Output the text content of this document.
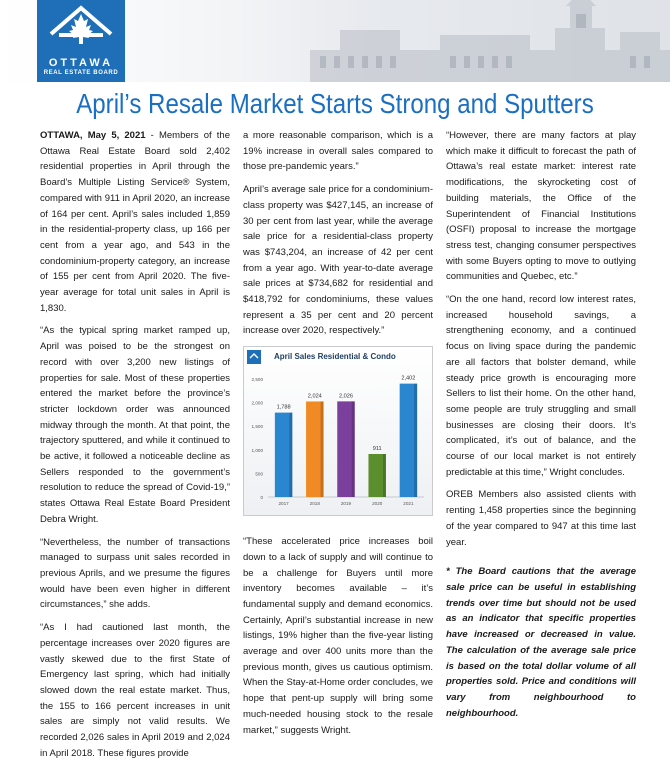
OTTAWA
REAL ESTATE BOARD
April’s Resale Market Starts Strong and Sputters

OTTAWA, May 5, 2021 - Members of the Ottawa Real Estate Board sold 2,402 residential properties in April through the Board’s Multiple Listing Service® System, compared with 911 in April 2020, an increase of 164 per cent. April’s sales included 1,859 in the residential-property class, up 166 per cent from a year ago, and 543 in the condominium-property category, an increase of 155 per cent from April 2020. The five-year average for total unit sales in April is 1,830.

“As the typical spring market ramped up, April was poised to be the strongest on record with over 3,200 new listings of properties for sale. Most of these properties entered the market before the province’s stricter lockdown order was announced midway through the month. At that point, the trajectory sputtered, and while it continued to be active, it followed a noticeable decline as Sellers responded to the government’s resolution to reduce the spread of Covid-19,” states Ottawa Real Estate Board President Debra Wright.

“Nevertheless, the number of transactions managed to surpass unit sales recorded in previous Aprils, and we presume the figures would have been even higher in different circumstances,” she adds.

“As I had cautioned last month, the percentage increases over 2020 figures are vastly skewed due to the first State of Emergency last spring, which had initially slowed down the real estate market. Thus, the 155 to 166 percent increases in unit sales are simply not valid results. We recorded 2,026 sales in April 2019 and 2,024 in April 2018. These figures provide

a more reasonable comparison, which is a 19% increase in overall sales compared to those pre-pandemic years.”

April’s average sale price for a condominium-class property was $427,145, an increase of 30 per cent from last year, while the average sale price for a residential-class property was $743,204, an increase of 42 per cent from a year ago. With year-to-date average sale prices at $734,682 for residential and $418,792 for condominiums, these values represent a 35 per cent and 20 percent increase over 2020, respectively.”

April Sales Residential & Condo
0
500
1,000
1,500
2,000
2,500
1,788
2017
2,024
2018
2,026
2019
911
2020
2,402
2021

“These accelerated price increases boil down to a lack of supply and will continue to be a challenge for Buyers until more inventory becomes available – it’s fundamental supply and demand economics. Certainly, April’s substantial increase in new listings, 19% higher than the five-year listing average and over 400 units more than the previous month, gives us cautious optimism. When the Stay-at-Home order concludes, we hope that pent-up supply will bring some much-needed housing stock to the resale market,” suggests Wright.

“However, there are many factors at play which make it difficult to forecast the path of Ottawa’s real estate market: interest rate modifications, the skyrocketing cost of building materials, the Office of the Superintendent of Financial Institutions (OSFI) proposal to increase the mortgage stress test, changing consumer perspectives with some Buyers opting to move to outlying communities and Quebec, etc.”

“On the one hand, record low interest rates, increased household savings, a strengthening economy, and a continued focus on living space during the pandemic are all factors that bolster demand, while steady price growth is encouraging more Sellers to list their home. On the other hand, some people are truly struggling and small businesses are closing their doors. It’s complicated, it’s out of balance, and the course of our local market is not entirely predictable at this time,” Wright concludes.

OREB Members also assisted clients with renting 1,458 properties since the beginning of the year compared to 947 at this time last year.

* The Board cautions that the average sale price can be useful in establishing trends over time but should not be used as an indicator that specific properties have increased or decreased in value. The calculation of the average sale price is based on the total dollar volume of all properties sold. Price and conditions will vary from neighbourhood to neighbourhood.
